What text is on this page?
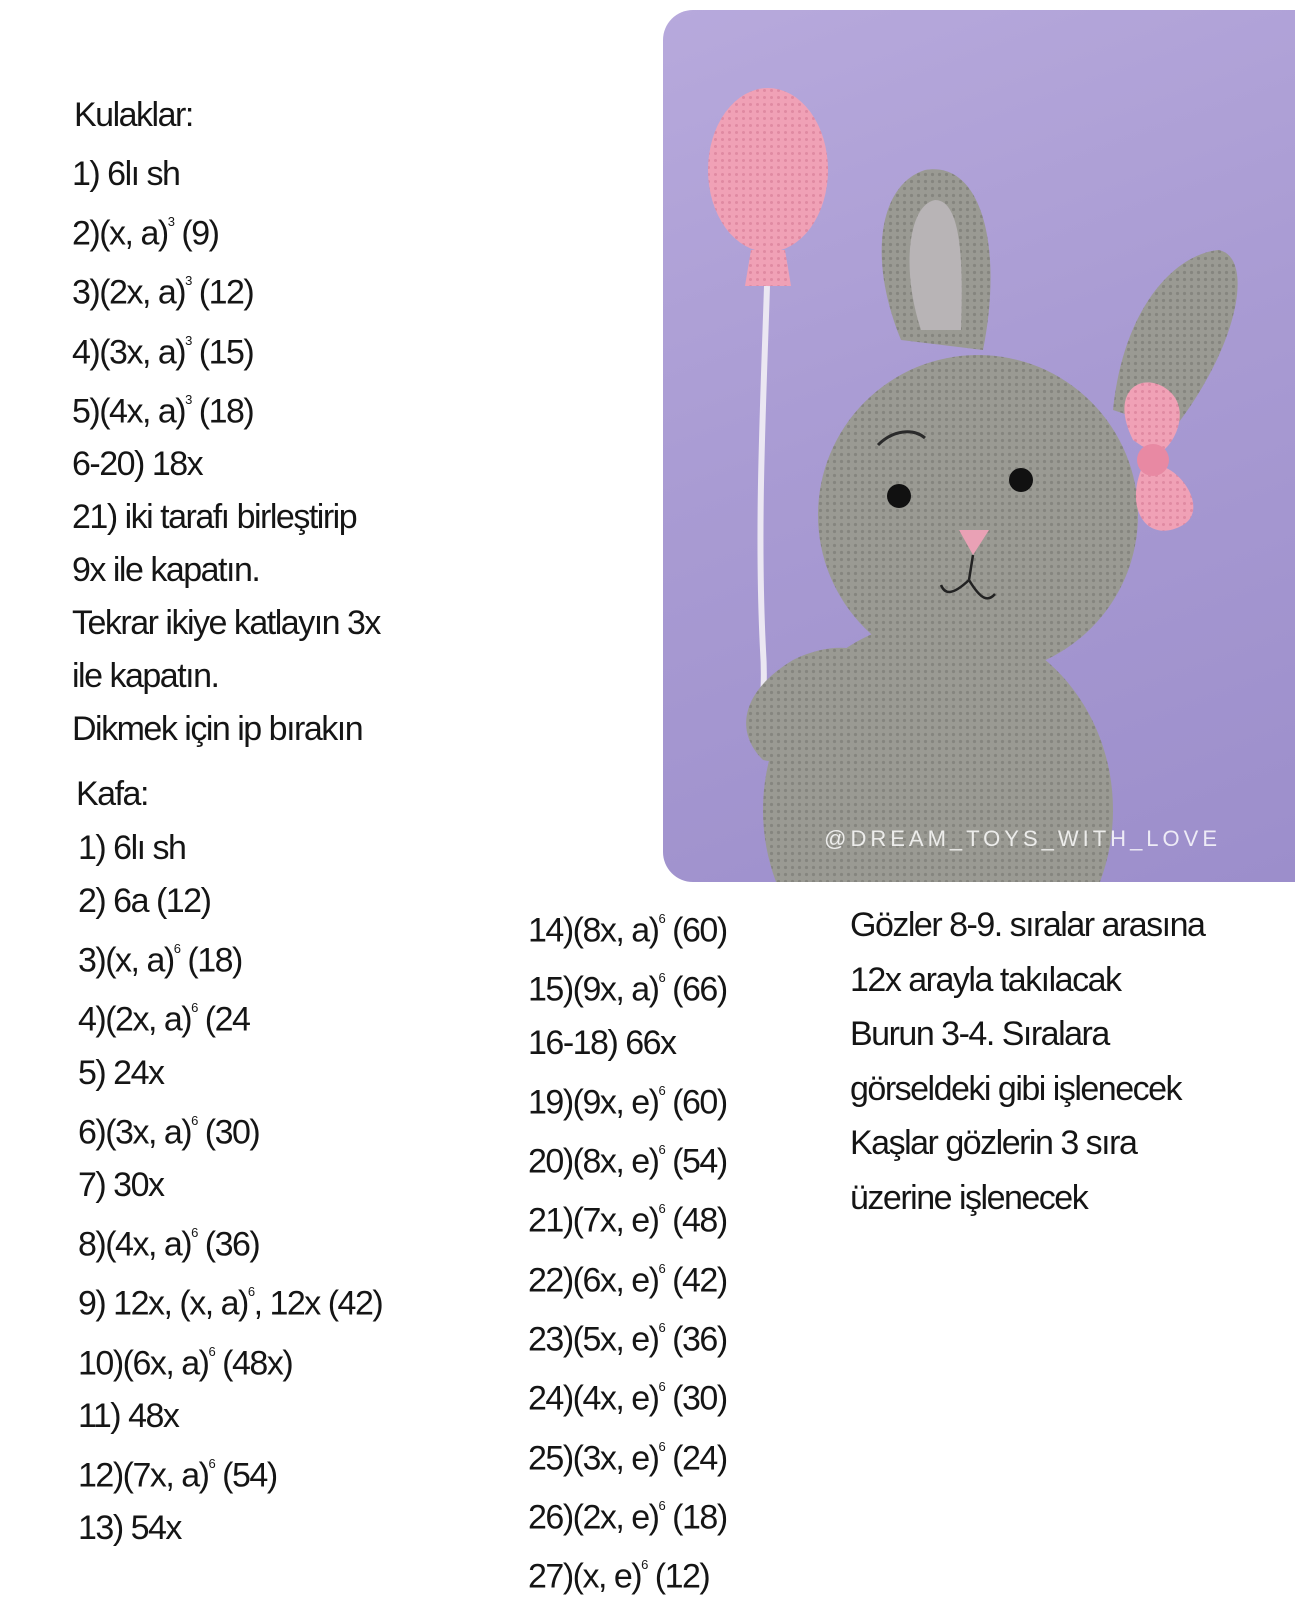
Kulaklar:
1) 6lı sh
2)(x, a)$^3$ (9)
3)(2x, a)$^3$ (12)
4)(3x, a)$^3$ (15)
5)(4x, a)$^3$ (18)
6-20) 18x
21) iki tarafı birleştirip
9x ile kapatın.
Tekrar ikiye katlayın 3x
ile kapatın.
Dikmek için ip bırakın
Kafa:
1) 6lı sh
2) 6a (12)
3)(x, a)$^6$ (18)
4)(2x, a)$^6$ (24
5) 24x
6)(3x, a)$^6$ (30)
7) 30x
8)(4x, a)$^6$ (36)
9) 12x, (x, a)$^6$, 12x (42)
10)(6x, a)$^6$ (48x)
11) 48x
12)(7x, a)$^6$ (54)
13) 54x
14)(8x, a)$^6$ (60)
15)(9x, a)$^6$ (66)
16-18) 66x
19)(9x, e)$^6$ (60)
20)(8x, e)$^6$ (54)
21)(7x, e)$^6$ (48)
22)(6x, e)$^6$ (42)
23)(5x, e)$^6$ (36)
24)(4x, e)$^6$ (30)
25)(3x, e)$^6$ (24)
26)(2x, e)$^6$ (18)
27)(x, e)$^6$ (12)
Gözler 8-9. sıralar arasına
12x arayla takılacak
Burun 3-4. Sıralara
görseldeki gibi işlenecek
Kaşlar gözlerin 3 sıra
üzerine işlenecek
@DREAM_TOYS_WITH_LOVE
